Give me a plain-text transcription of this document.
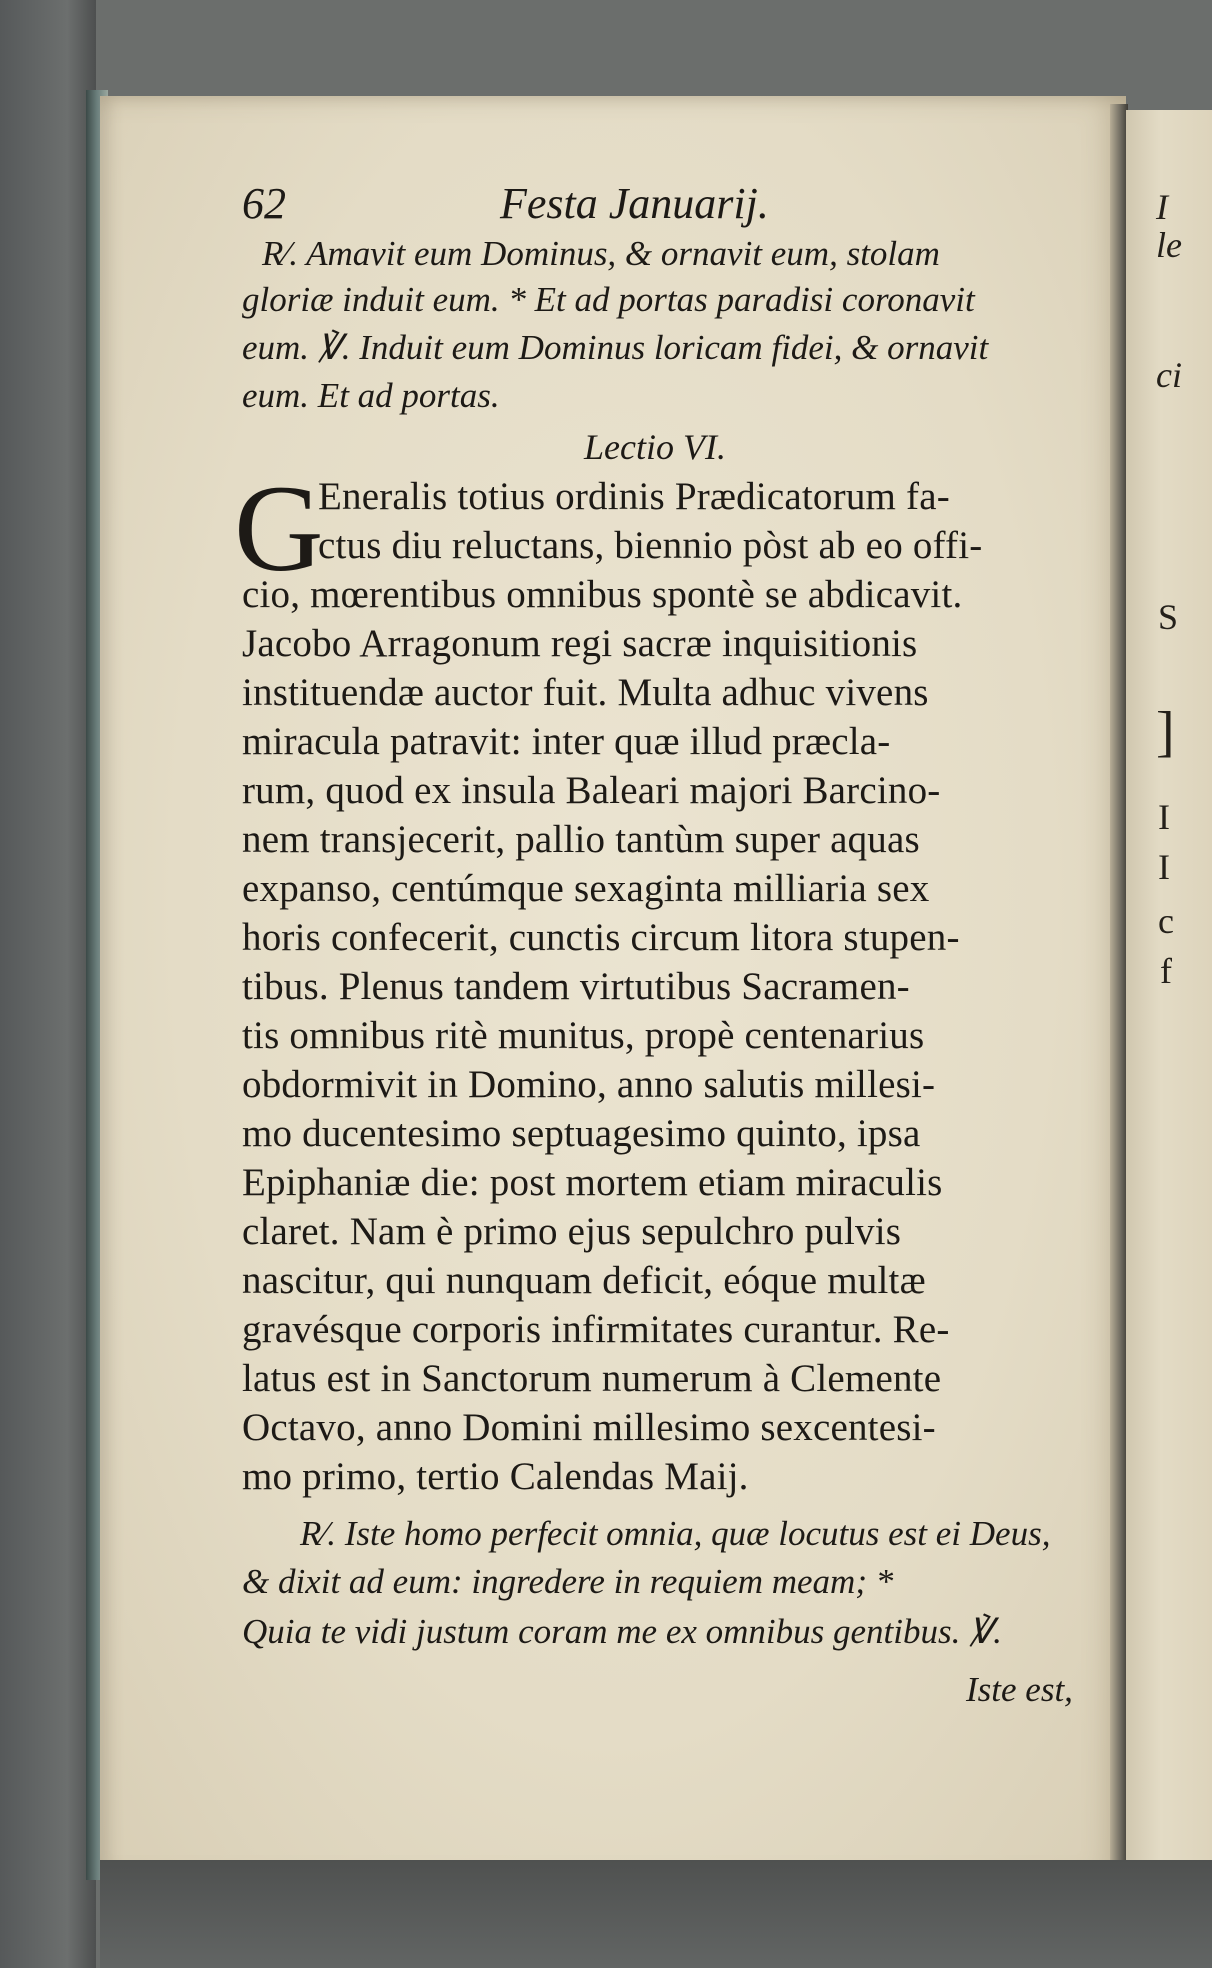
I
le
ci
S
]
I
I
c
f
62	Festa Januarij.
R⁄. Amavit eum Dominus, & ornavit eum, stolam
gloriæ induit eum. * Et ad portas paradisi coronavit
eum. ℣. Induit eum Dominus loricam fidei, & ornavit
eum. Et ad portas.
Lectio VI.
G
Eneralis totius ordinis Prædicatorum fa-
ctus diu reluctans, biennio pòst ab eo offi-
cio, mœrentibus omnibus spontè se abdicavit.
Jacobo Arragonum regi sacræ inquisitionis
instituendæ auctor fuit. Multa adhuc vivens
miracula patravit: inter quæ illud præcla-
rum, quod ex insula Baleari majori Barcino-
nem transjecerit, pallio tantùm super aquas
expanso, centúmque sexaginta milliaria sex
horis confecerit, cunctis circum litora stupen-
tibus. Plenus tandem virtutibus Sacramen-
tis omnibus ritè munitus, propè centenarius
obdormivit in Domino, anno salutis millesi-
mo ducentesimo septuagesimo quinto, ipsa
Epiphaniæ die: post mortem etiam miraculis
claret. Nam è primo ejus sepulchro pulvis
nascitur, qui nunquam deficit, eóque multæ
gravésque corporis infirmitates curantur. Re-
latus est in Sanctorum numerum à Clemente
Octavo, anno Domini millesimo sexcentesi-
mo primo, tertio Calendas Maij.
R⁄. Iste homo perfecit omnia, quæ locutus est ei Deus,
& dixit ad eum: ingredere in requiem meam; *
Quia te vidi justum coram me ex omnibus gentibus. ℣.
Iste est,
